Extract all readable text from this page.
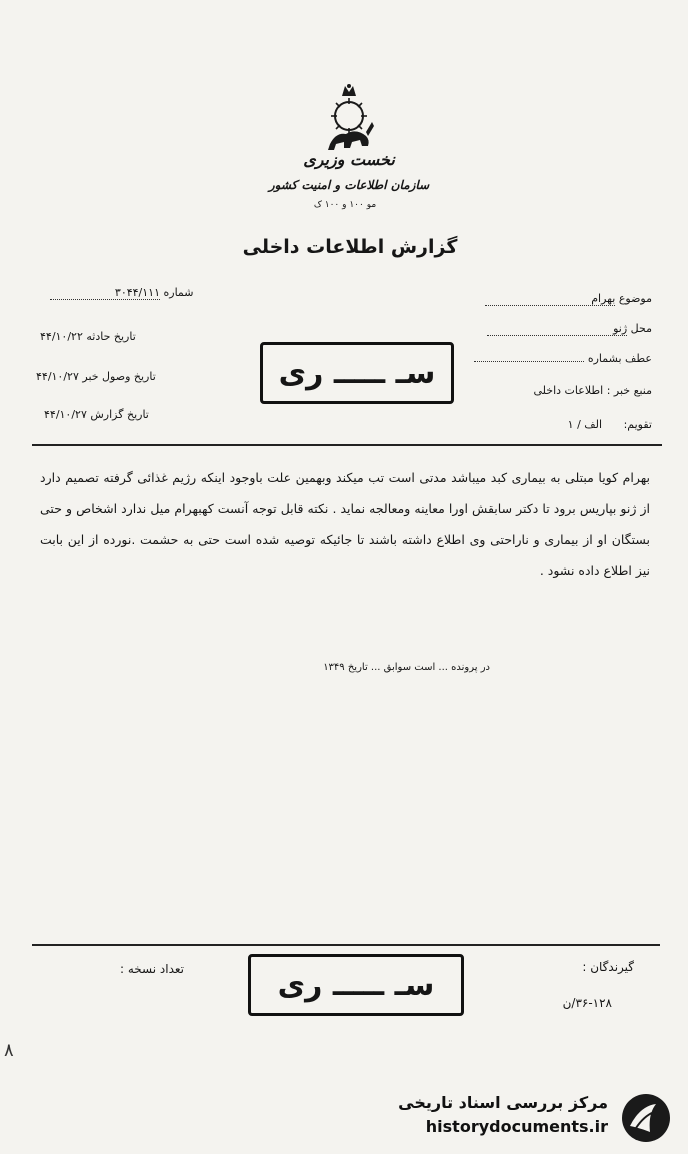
نخست وزیری
سازمان اطلاعات و امنیت کشور
مو ۱۰۰ و ۱۰۰ ک
گزارش اطلاعات داخلی
موضوع بهرام
محل ژنو
عطف بشماره
منبع خبر : اطلاعات داخلی
تقویم: الف / ۱
شماره ۳۰۴۴/۱۱۱
تاریخ حادثه ۴۴/۱۰/۲۲
تاریخ وصول خبر ۴۴/۱۰/۲۷
تاریخ گزارش ۴۴/۱۰/۲۷
سـ ـــــ ری
بهرام کویا مبتلی به بیماری کبد میباشد مدتی است تب میکند وبهمین علت باوجود اینکه رژیم غذائی گرفته تصمیم دارد از ژنو بپاریس برود تا دکتر سابقش اورا معاینه ومعالجه نماید . نکته قابل توجه آنست کهبهرام میل ندارد اشخاص و حتی بستگان او از بیماری و ناراحتی وی اطلاع داشته باشند تا جائیکه توصیه شده است حتی به حشمت .نورده از این بابت نیز اطلاع داده نشود .
در پرونده ... است سوابق ... تاریخ ۱۳۴۹
گیرندگان :
تعداد نسخه :	سـ ـــــ ری
۳۶-۱۲۸/ن
۸
مرکز بررسی اسناد تاریخی
historydocuments.ir
